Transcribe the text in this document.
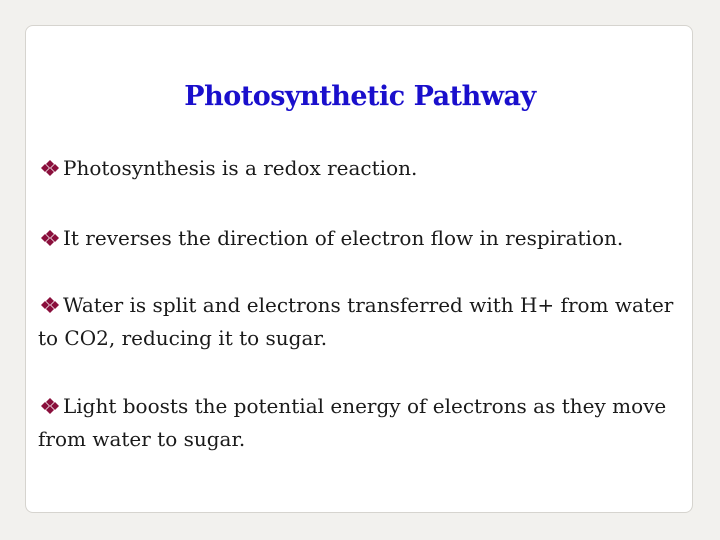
Photosynthetic Pathway
Photosynthesis is a redox reaction.
It reverses the direction of electron flow in respiration.
Water is split and electrons transferred with H+ from water to CO2, reducing it to sugar.
Light boosts the potential energy of electrons as they move from water to sugar.
